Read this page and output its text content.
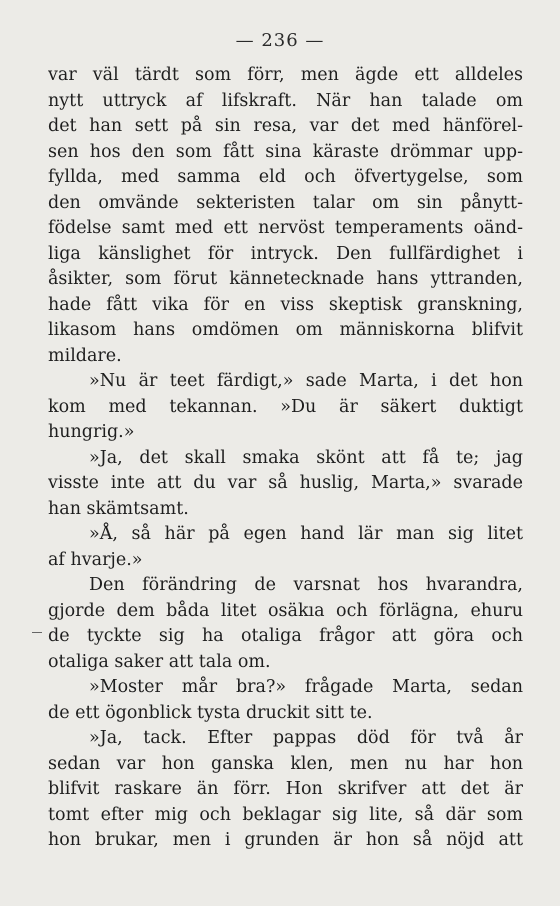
— 236 —
var väl tärdt som förr, men ägde ett alldeles
nytt uttryck af lifskraft. När han talade om
det han sett på sin resa, var det med hänförel-
sen hos den som fått sina käraste drömmar upp-
fyllda, med samma eld och öfvertygelse, som
den omvände sekteristen talar om sin pånytt-
födelse samt med ett nervöst temperaments oänd-
liga känslighet för intryck. Den fullfärdighet i
åsikter, som förut kännetecknade hans yttranden,
hade fått vika för en viss skeptisk granskning,
likasom hans omdömen om människorna blifvit
mildare.
»Nu är teet färdigt,» sade Marta, i det hon
kom med tekannan. »Du är säkert duktigt
hungrig.»
»Ja, det skall smaka skönt att få te; jag
visste inte att du var så huslig, Marta,» svarade
han skämtsamt.
»Å, så här på egen hand lär man sig litet
af hvarje.»
Den förändring de varsnat hos hvarandra,
gjorde dem båda litet osäkıa och förlägna, ehuru
de tyckte sig ha otaliga frågor att göra och
otaliga saker att tala om.
»Moster mår bra?» frågade Marta, sedan
de ett ögonblick tysta druckit sitt te.
»Ja, tack. Efter pappas död för två år
sedan var hon ganska klen, men nu har hon
blifvit raskare än förr. Hon skrifver att det är
tomt efter mig och beklagar sig lite, så där som
hon brukar, men i grunden är hon så nöjd att
